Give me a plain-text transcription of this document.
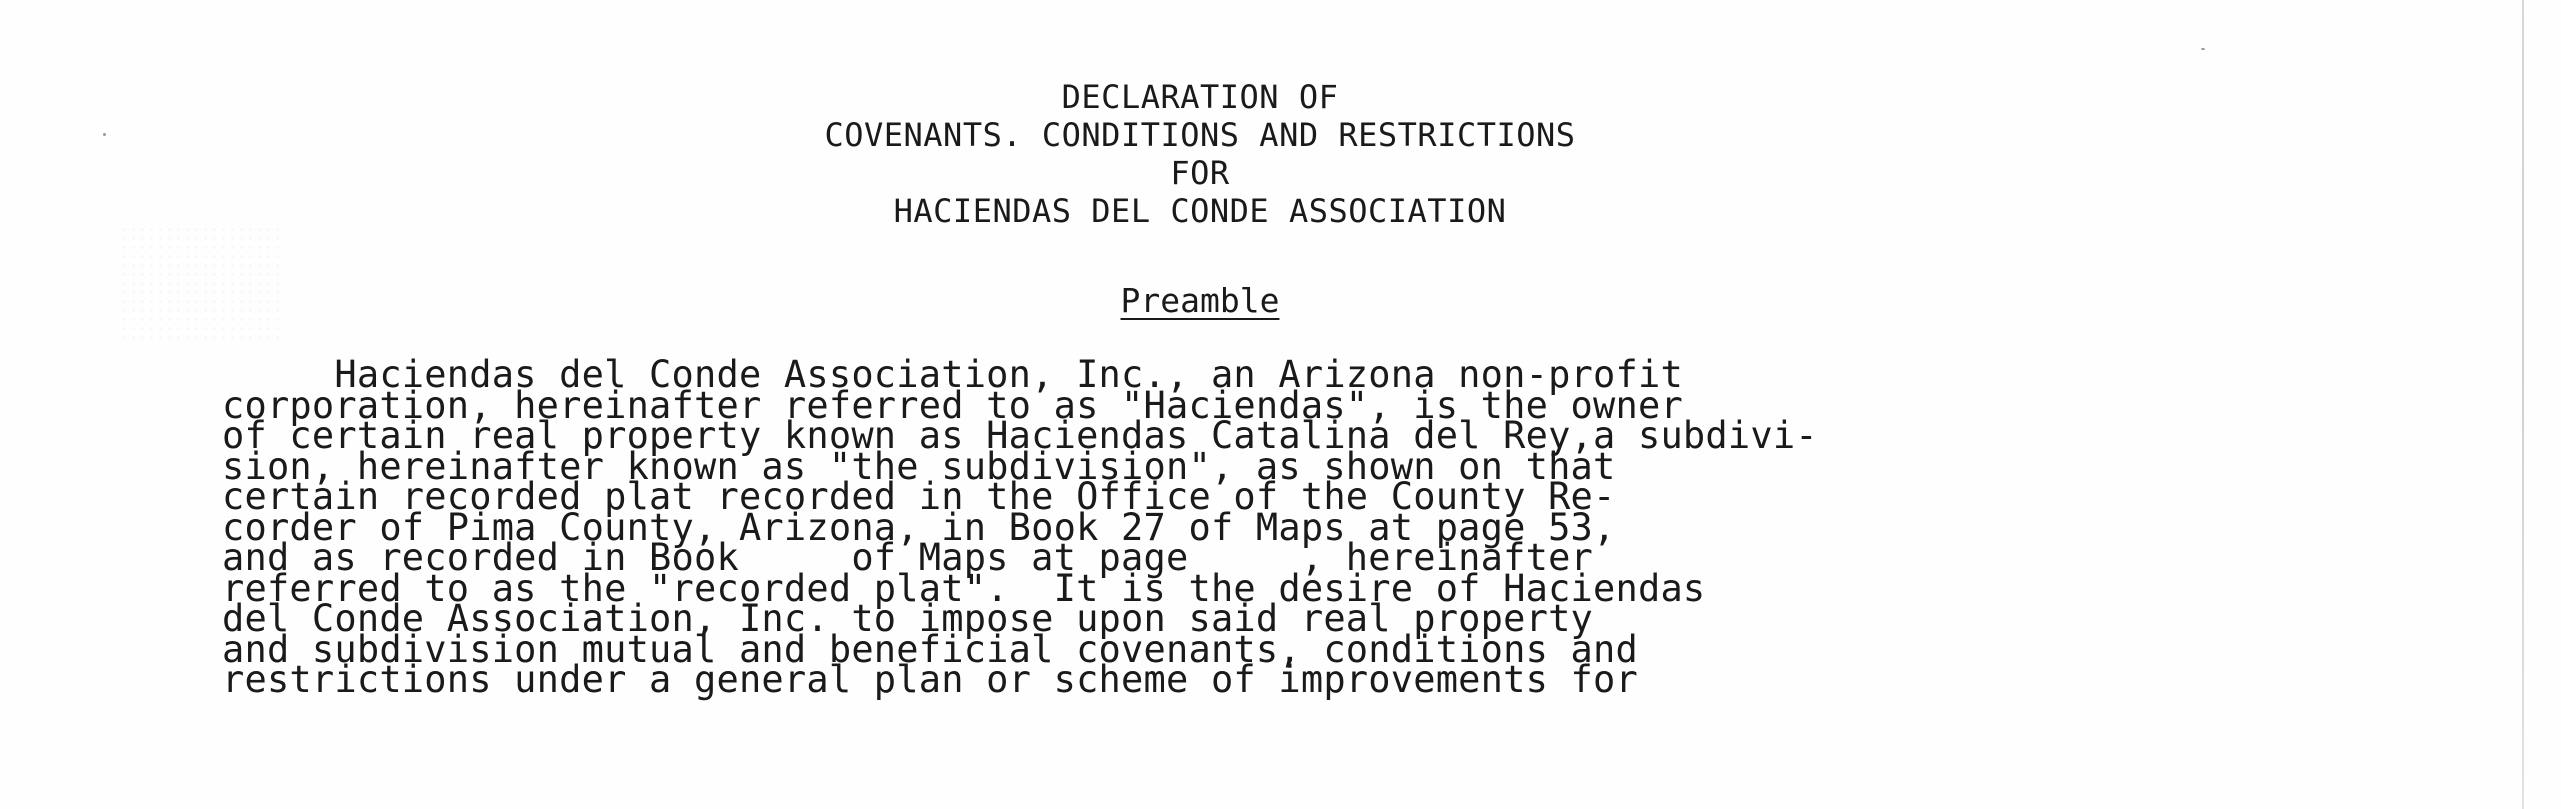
DECLARATION OF
COVENANTS. CONDITIONS AND RESTRICTIONS
FOR
HACIENDAS DEL CONDE ASSOCIATION
Preamble
Haciendas del Conde Association, Inc., an Arizona non-profit
corporation, hereinafter referred to as "Haciendas", is the owner
of certain real property known as Haciendas Catalina del Rey,a subdivi-
sion, hereinafter known as "the subdivision", as shown on that
certain recorded plat recorded in the Office of the County Re-
corder of Pima County, Arizona, in Book 27 of Maps at page 53,
and as recorded in Book     of Maps at page     , hereinafter
referred to as the "recorded plat".  It is the desire of Haciendas
del Conde Association, Inc. to impose upon said real property
and subdivision mutual and beneficial covenants, conditions and
restrictions under a general plan or scheme of improvements for
